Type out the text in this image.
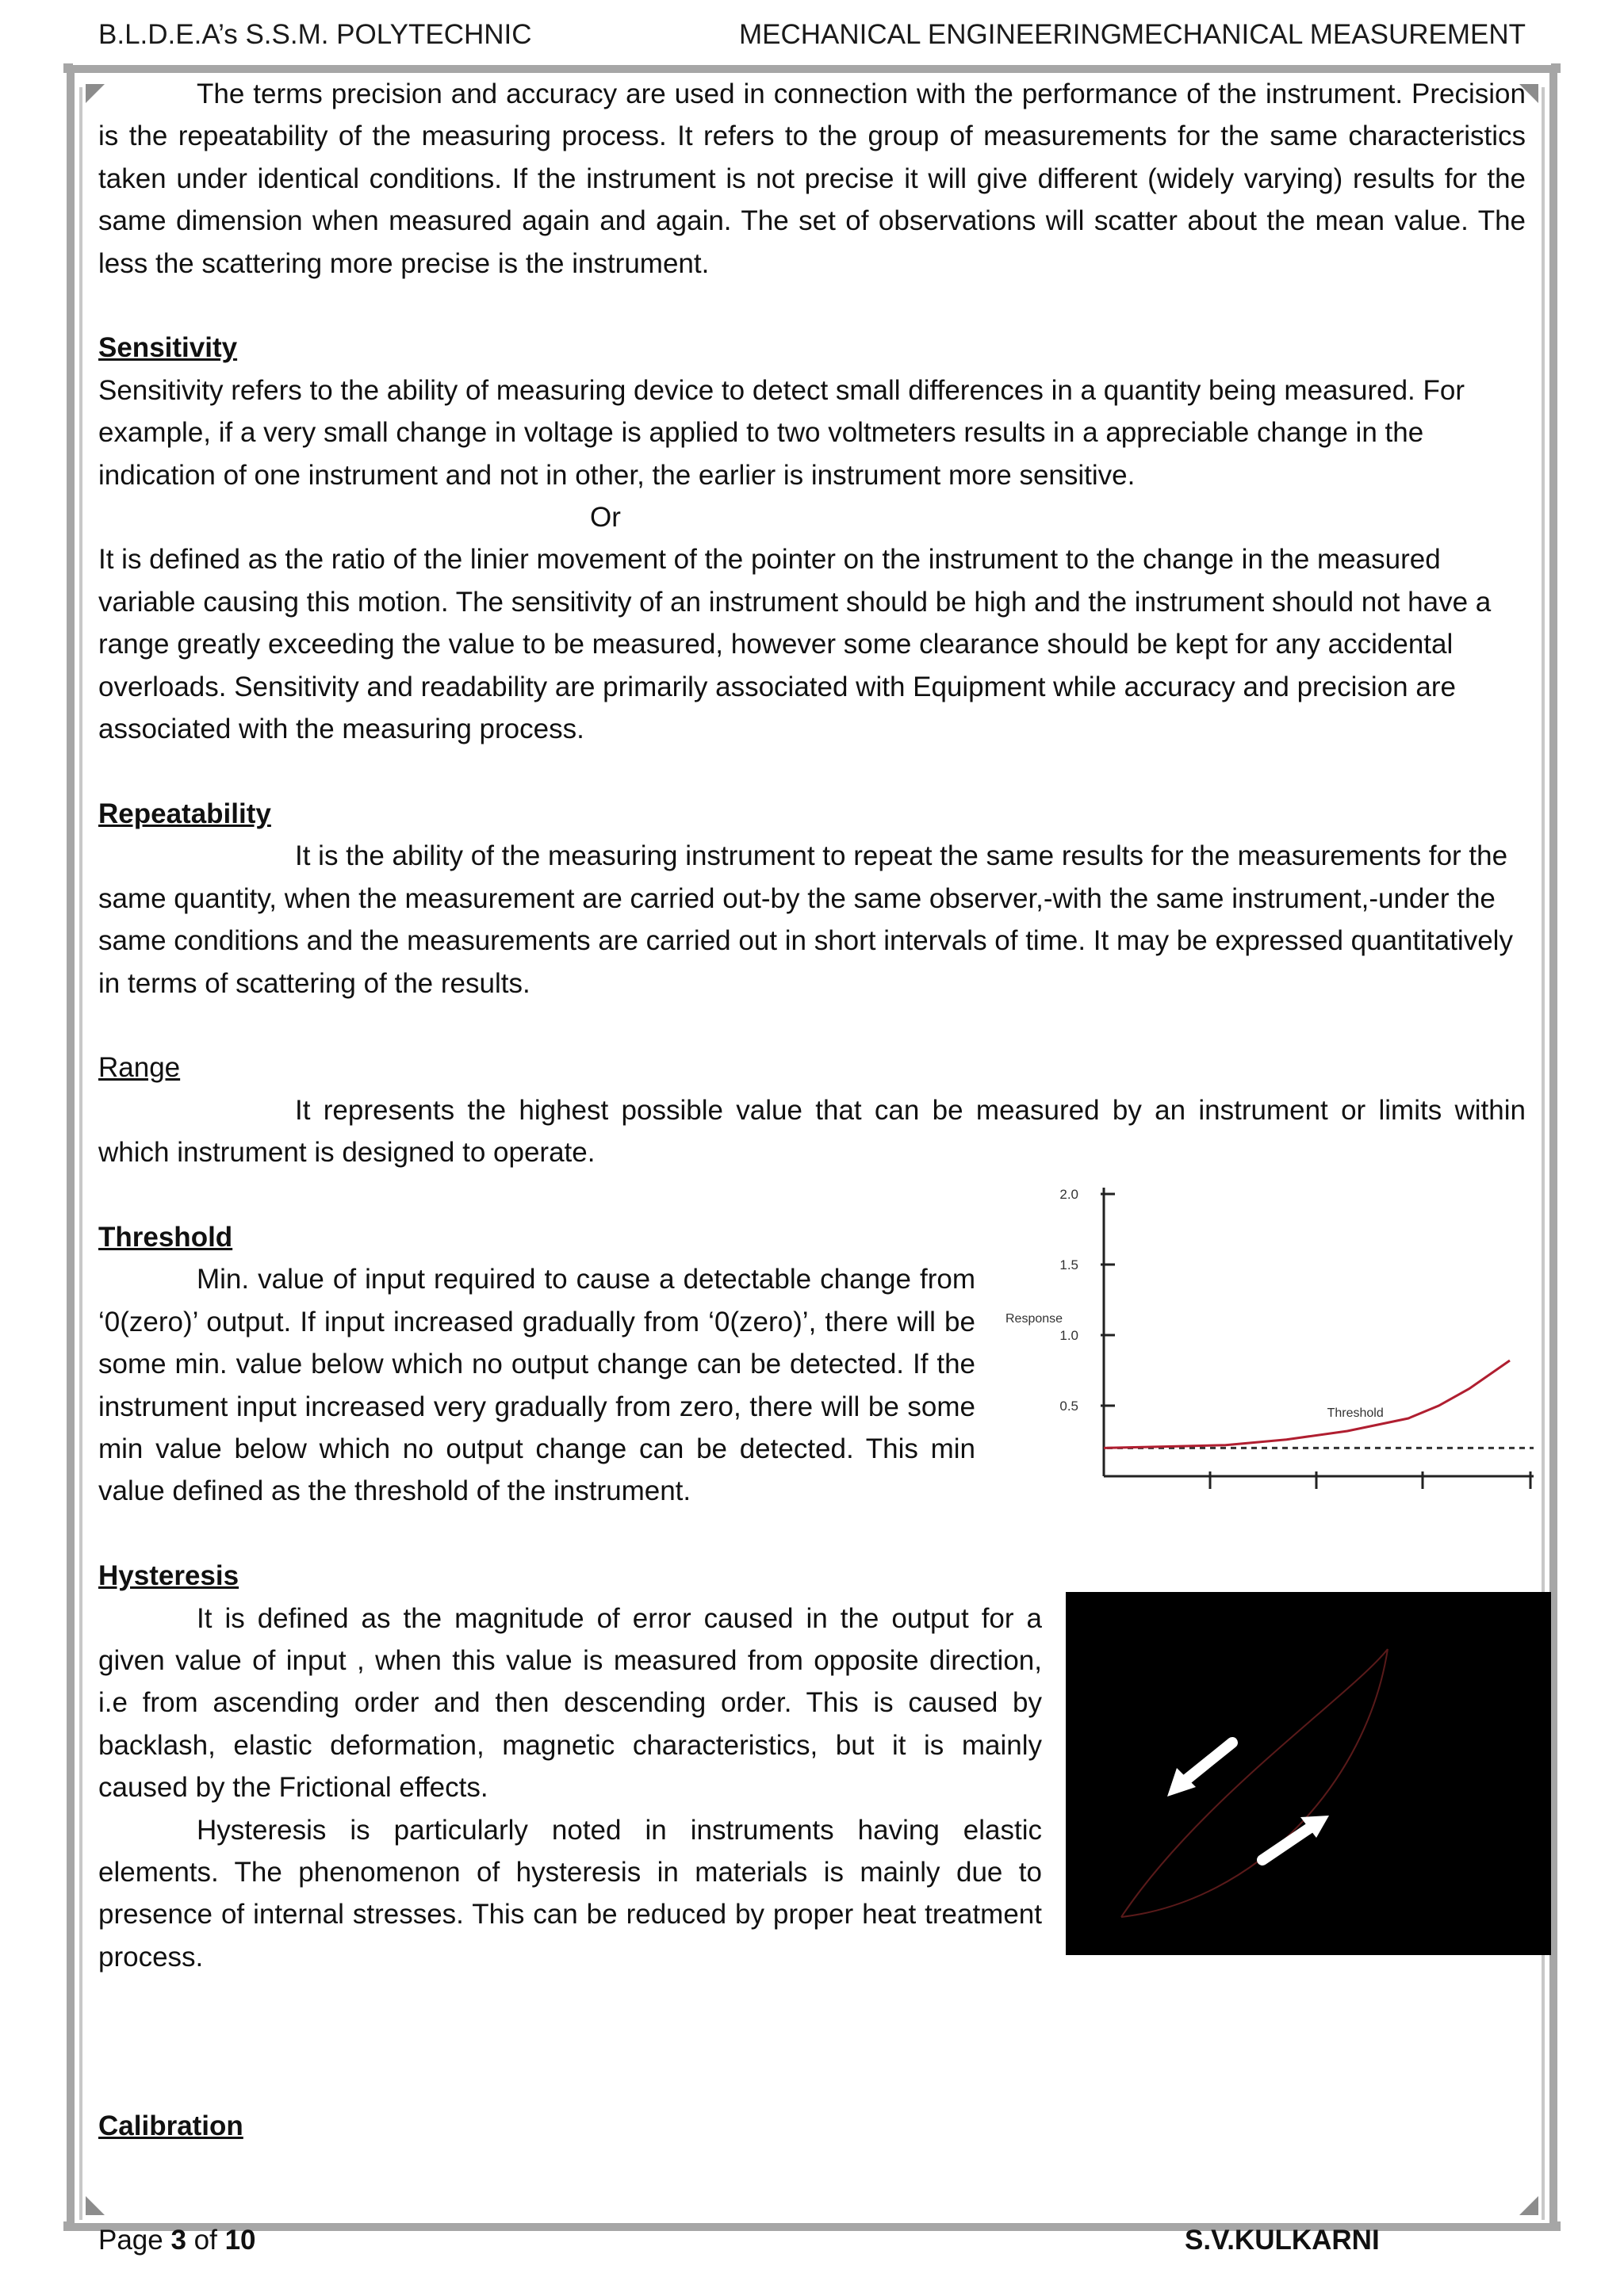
B.L.D.E.A’s S.S.M. POLYTECHNIC	MECHANICAL ENGINEERING
MECHANICAL MEASUREMENT

The terms precision and accuracy are used in connection with the performance of the instrument. Precision is the repeatability of the measuring process. It refers to the group of measurements for the same characteristics taken under identical conditions. If the instrument is not precise it will give different (widely varying) results for the same dimension when measured again and again. The set of observations will scatter about the mean value. The less the scattering more precise is the instrument.

Sensitivity

Sensitivity refers to the ability of measuring device to detect small differences in a quantity being measured. For example, if a very small change in voltage is applied to two voltmeters results in a appreciable change in the indication of one instrument and not in other, the earlier is instrument more sensitive.

Or

It is defined as the ratio of the linier movement of the pointer on the instrument to the change in the measured variable causing this motion. The sensitivity of an instrument should be high and the instrument should not have a range greatly exceeding the value to be measured, however some clearance should be kept for any accidental overloads. Sensitivity and readability are primarily associated with Equipment while accuracy and precision are associated with the measuring process.

Repeatability

It is the ability of the measuring instrument to repeat the same results for the measurements for the same quantity, when the measurement are carried out-by the same observer,-with the same instrument,-under the same conditions and the measurements are carried out in short intervals of time. It may be expressed quantitatively in terms of scattering of the results.

Range

It represents the highest possible value that can be measured by an instrument or limits within which instrument is designed to operate.

Threshold

Min. value of input required to cause a detectable change from ‘0(zero)’ output. If input increased gradually from ‘0(zero)’, there will be some min. value below which no output change can be detected. If the instrument input increased very gradually from zero, there will be some min value below which no output change can be detected. This min value defined as the threshold of the instrument.

Hysteresis

It is defined as the magnitude of error caused in the output for a given value of input , when this value is measured from opposite direction, i.e from ascending order and then descending order. This is caused by backlash, elastic deformation, magnetic characteristics, but it is mainly caused by the Frictional effects.

Hysteresis is particularly noted in instruments having elastic elements. The phenomenon of hysteresis in materials is mainly due to presence of internal stresses. This can be reduced by proper heat treatment process.

Calibration

Response
0.5
1.0
1.5
2.0
Threshold
Page 3 of 10	S.V.KULKARNI
